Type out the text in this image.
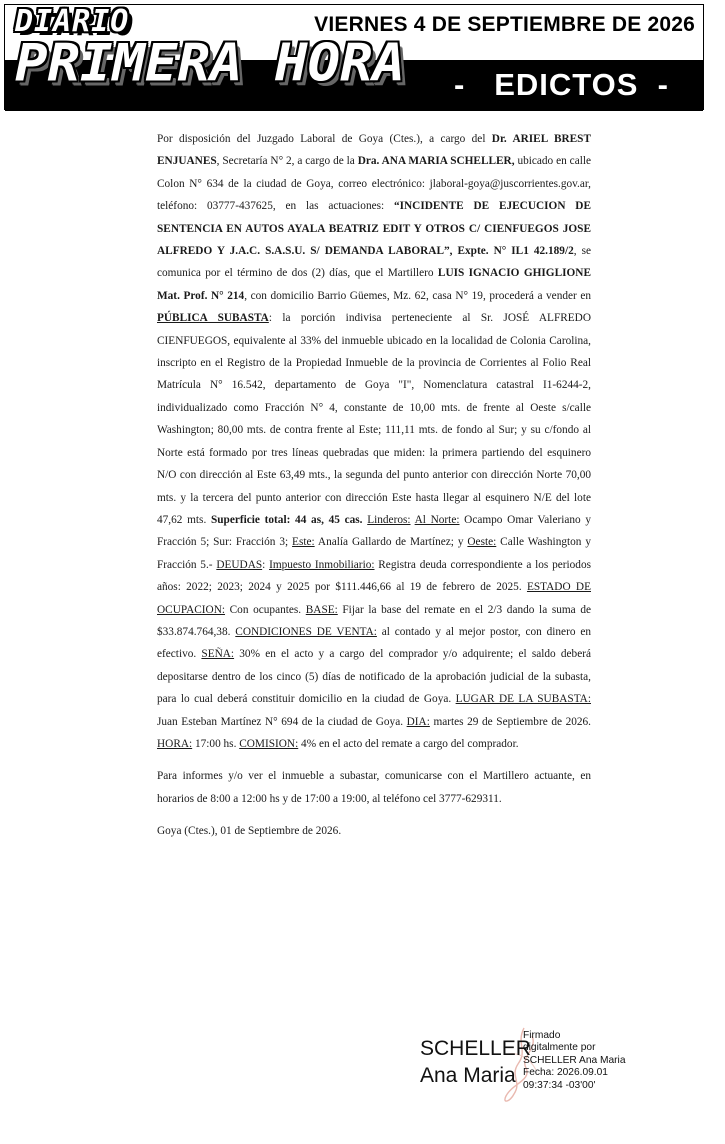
DIARIO
PRIMERA HORA
VIERNES 4 DE SEPTIEMBRE DE 2026
-   EDICTOS  -

Por disposición del Juzgado Laboral de Goya (Ctes.), a cargo del Dr. ARIEL BREST ENJUANES, Secretaría N° 2, a cargo de la Dra. ANA MARIA SCHELLER, ubicado en calle Colon N° 634 de la ciudad de Goya, correo electrónico: jlaboral-goya@juscorrientes.gov.ar, teléfono: 03777-437625, en las actuaciones: “INCIDENTE DE EJECUCION DE SENTENCIA EN AUTOS AYALA BEATRIZ EDIT Y OTROS C/ CIENFUEGOS JOSE ALFREDO Y J.A.C. S.A.S.U. S/ DEMANDA LABORAL”, Expte. N° IL1 42.189/2, se comunica por el término de dos (2) días, que el Martillero LUIS IGNACIO GHIGLIONE Mat. Prof. N° 214, con domicilio Barrio Güemes, Mz. 62, casa N° 19, procederá a vender en PÚBLICA SUBASTA: la porción indivisa perteneciente al Sr. JOSÉ ALFREDO CIENFUEGOS, equivalente al 33% del inmueble ubicado en la localidad de Colonia Carolina, inscripto en el Registro de la Propiedad Inmueble de la provincia de Corrientes al Folio Real Matrícula N° 16.542, departamento de Goya "I", Nomenclatura catastral I1-6244-2, individualizado como Fracción N° 4, constante de 10,00 mts. de frente al Oeste s/calle Washington; 80,00 mts. de contra frente al Este; 111,11 mts. de fondo al Sur; y su c/fondo al Norte está formado por tres líneas quebradas que miden: la primera partiendo del esquinero N/O con dirección al Este 63,49 mts., la segunda del punto anterior con dirección Norte 70,00 mts. y la tercera del punto anterior con dirección Este hasta llegar al esquinero N/E del lote 47,62 mts. Superficie total: 44 as, 45 cas. Linderos: Al Norte: Ocampo Omar Valeriano y Fracción 5; Sur: Fracción 3; Este: Analía Gallardo de Martínez; y Oeste: Calle Washington y Fracción 5.- DEUDAS: Impuesto Inmobiliario: Registra deuda correspondiente a los periodos años: 2022; 2023; 2024 y 2025 por $111.446,66 al 19 de febrero de 2025. ESTADO DE OCUPACION: Con ocupantes. BASE: Fijar la base del remate en el 2/3 dando la suma de $33.874.764,38. CONDICIONES DE VENTA: al contado y al mejor postor, con dinero en efectivo. SEÑA: 30% en el acto y a cargo del comprador y/o adquirente; el saldo deberá depositarse dentro de los cinco (5) días de notificado de la aprobación judicial de la subasta, para lo cual deberá constituir domicilio en la ciudad de Goya. LUGAR DE LA SUBASTA: Juan Esteban Martínez N° 694 de la ciudad de Goya. DIA: martes 29 de Septiembre de 2026. HORA: 17:00 hs. COMISION: 4% en el acto del remate a cargo del comprador.

Para informes y/o ver el inmueble a subastar, comunicarse con el Martillero actuante, en horarios de 8:00 a 12:00 hs y de 17:00 a 19:00, al teléfono cel 3777-629311.

Goya (Ctes.), 01 de Septiembre de 2026.

SCHELLER
Ana Maria
Firmado
digitalmente por
SCHELLER Ana Maria
Fecha: 2026.09.01
09:37:34 -03'00'
